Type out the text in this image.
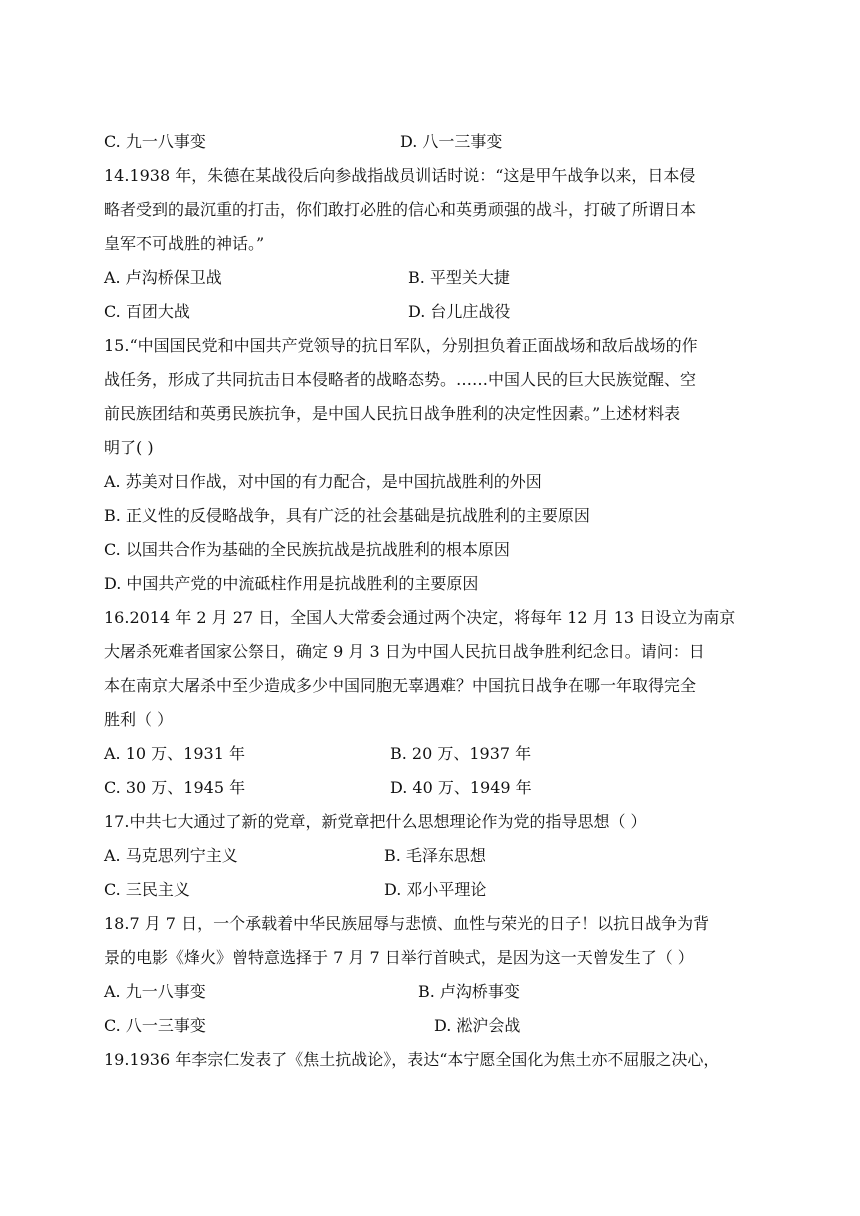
C. 九一八事变	D. 八一三事变
14.1938 年，朱德在某战役后向参战指战员训话时说：“这是甲午战争以来，日本侵
略者受到的最沉重的打击，你们敢打必胜的信心和英勇顽强的战斗，打破了所谓日本
皇军不可战胜的神话。”
A. 卢沟桥保卫战	B. 平型关大捷
C. 百团大战	D. 台儿庄战役
15.“中国国民党和中国共产党领导的抗日军队，分别担负着正面战场和敌后战场的作
战任务，形成了共同抗击日本侵略者的战略态势。……中国人民的巨大民族觉醒、空
前民族团结和英勇民族抗争，是中国人民抗日战争胜利的决定性因素。”上述材料表
明了( )
A. 苏美对日作战，对中国的有力配合，是中国抗战胜利的外因
B. 正义性的反侵略战争，具有广泛的社会基础是抗战胜利的主要原因
C. 以国共合作为基础的全民族抗战是抗战胜利的根本原因
D. 中国共产党的中流砥柱作用是抗战胜利的主要原因
16.2014 年 2 月 27 日，全国人大常委会通过两个决定，将每年 12 月 13 日设立为南京
大屠杀死难者国家公祭日，确定 9 月 3 日为中国人民抗日战争胜利纪念日。请问：日
本在南京大屠杀中至少造成多少中国同胞无辜遇难？中国抗日战争在哪一年取得完全
胜利（ ）
A. 10 万、1931 年	B. 20 万、1937 年
C. 30 万、1945 年	D. 40 万、1949 年
17.中共七大通过了新的党章，新党章把什么思想理论作为党的指导思想（ ）
A. 马克思列宁主义	B. 毛泽东思想
C. 三民主义	D. 邓小平理论
18.7 月 7 日，一个承载着中华民族屈辱与悲愤、血性与荣光的日子！以抗日战争为背
景的电影《烽火》曾特意选择于 7 月 7 日举行首映式，是因为这一天曾发生了（ ）
A. 九一八事变	B. 卢沟桥事变
C. 八一三事变	D. 淞沪会战
19.1936 年李宗仁发表了《焦土抗战论》，表达“本宁愿全国化为焦土亦不屈服之决心，
